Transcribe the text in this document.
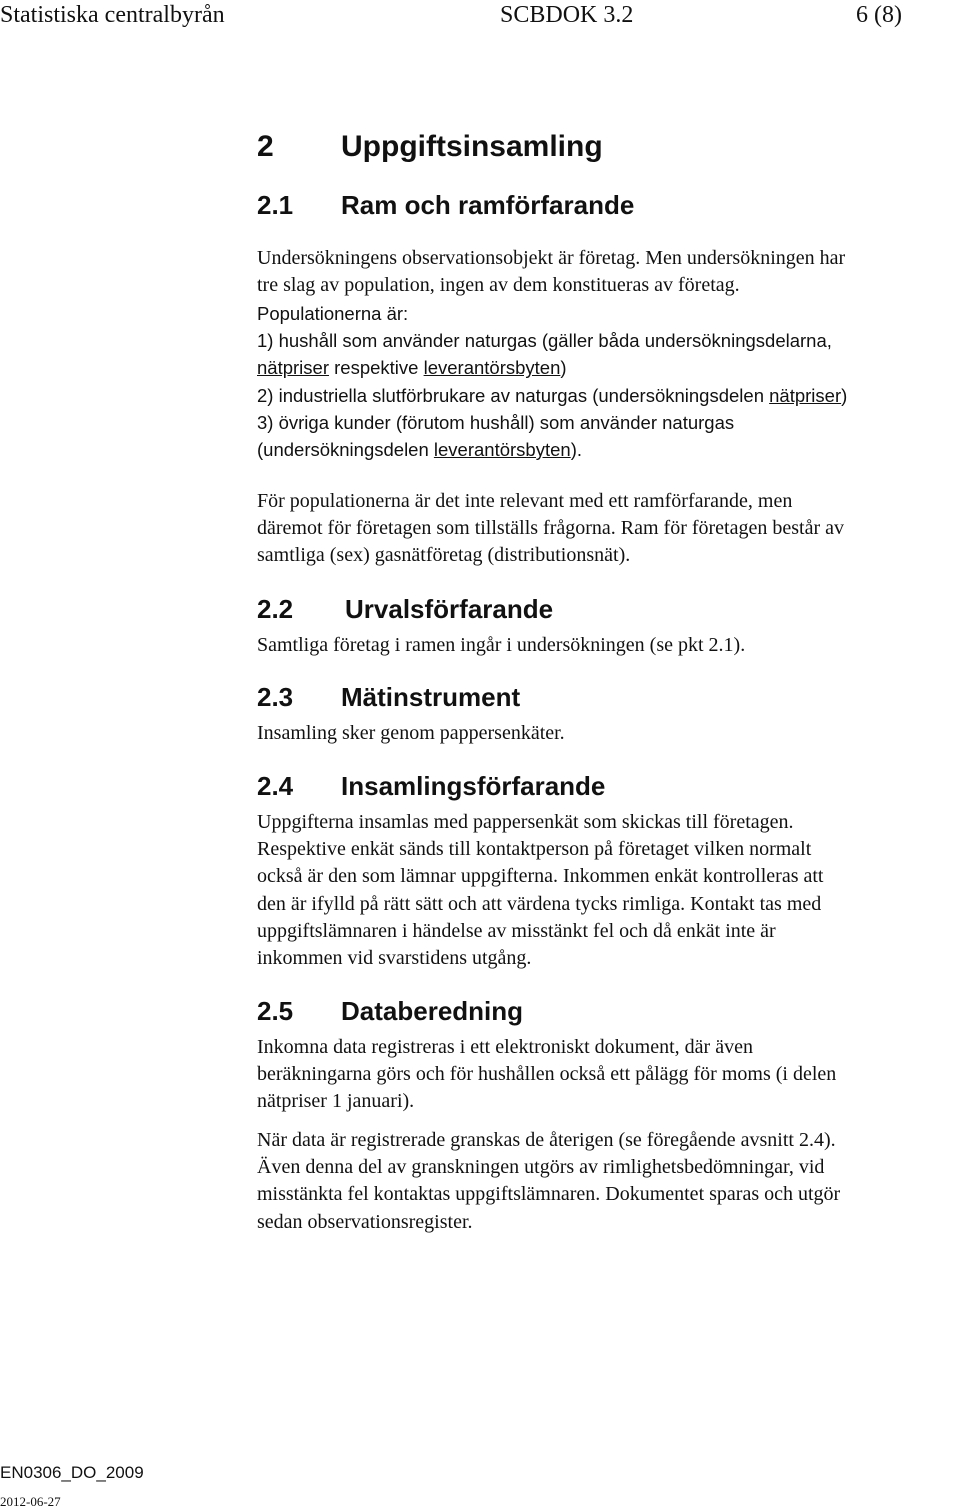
Statistiska centralbyrån	SCBDOK 3.2	6 (8)
2 Uppgiftsinsamling
2.1 Ram och ramförfarande
Undersökningens observationsobjekt är företag. Men undersökningen har
tre slag av population, ingen av dem konstitueras av företag.
Populationerna är:
1) hushåll som använder naturgas (gäller båda undersökningsdelarna,
nätpriser respektive leverantörsbyten)
2) industriella slutförbrukare av naturgas (undersökningsdelen nätpriser)
3) övriga kunder (förutom hushåll) som använder naturgas
(undersökningsdelen leverantörsbyten).
För populationerna är det inte relevant med ett ramförfarande, men
däremot för företagen som tillställs frågorna. Ram för företagen består av
samtliga (sex) gasnätföretag (distributionsnät).
2.2 Urvalsförfarande
Samtliga företag i ramen ingår i undersökningen (se pkt 2.1).
2.3 Mätinstrument
Insamling sker genom pappersenkäter.
2.4 Insamlingsförfarande
Uppgifterna insamlas med pappersenkät som skickas till företagen.
Respektive enkät sänds till kontaktperson på företaget vilken normalt
också är den som lämnar uppgifterna. Inkommen enkät kontrolleras att
den är ifylld på rätt sätt och att värdena tycks rimliga. Kontakt tas med
uppgiftslämnaren i händelse av misstänkt fel och då enkät inte är
inkommen vid svarstidens utgång.
2.5 Databeredning
Inkomna data registreras i ett elektroniskt dokument, där även
beräkningarna görs och för hushållen också ett pålägg för moms (i delen
nätpriser 1 januari).
När data är registrerade granskas de återigen (se föregående avsnitt 2.4).
Även denna del av granskningen utgörs av rimlighetsbedömningar, vid
misstänkta fel kontaktas uppgiftslämnaren. Dokumentet sparas och utgör
sedan observationsregister.
EN0306_DO_2009
2012-06-27
